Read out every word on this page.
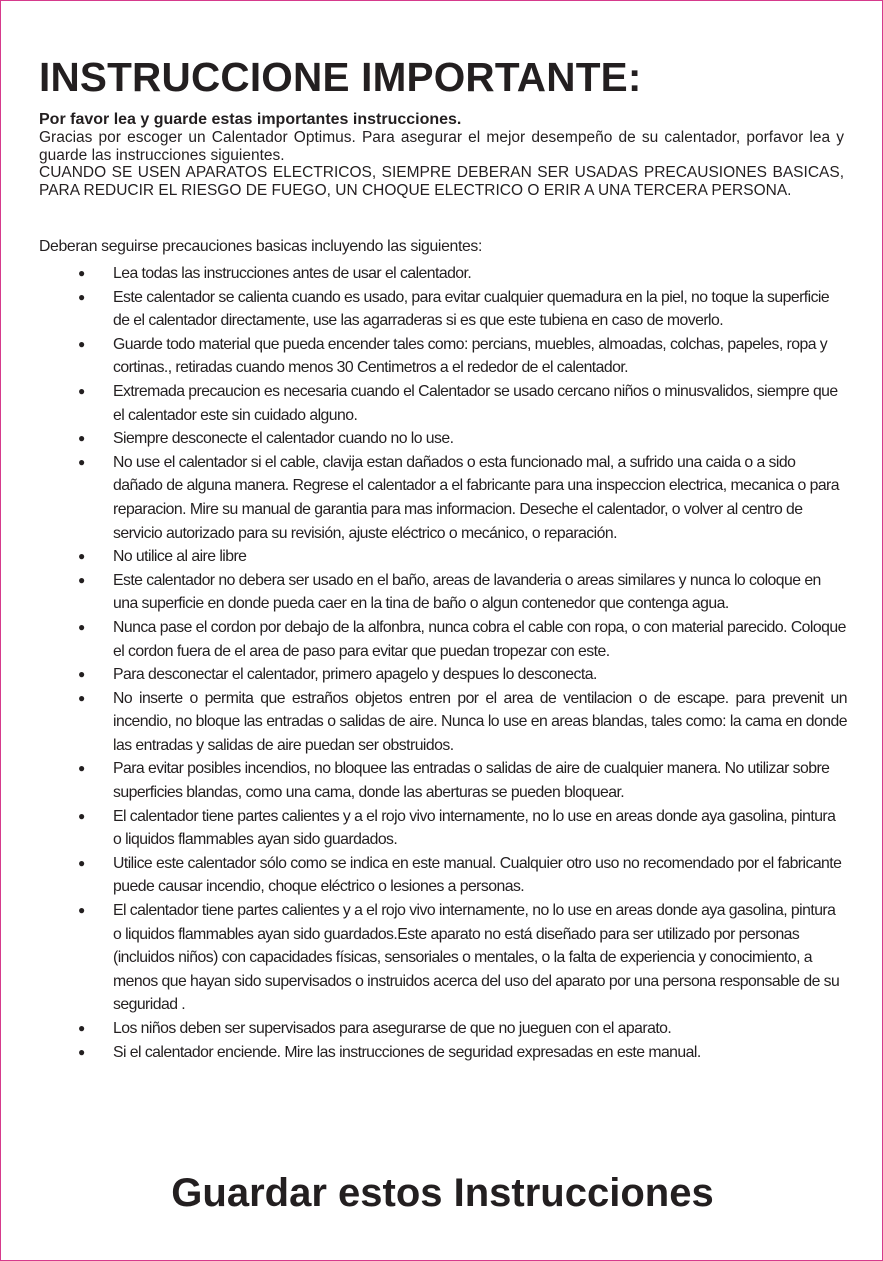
INSTRUCCIONE IMPORTANTE:

Por favor lea y guarde estas importantes instrucciones.

Gracias por escoger un Calentador Optimus. Para asegurar el mejor desempeño de su calentador, porfavor lea y guarde las instrucciones siguientes.

CUANDO SE USEN APARATOS ELECTRICOS, SIEMPRE DEBERAN SER USADAS PRECAUSIONES BASICAS, PARA REDUCIR EL RIESGO DE FUEGO, UN CHOQUE ELECTRICO O ERIR A UNA TERCERA PERSONA.

Deberan seguirse precauciones basicas incluyendo las siguientes:

● Lea todas las instrucciones antes de usar el calentador.
● Este calentador se calienta cuando es usado, para evitar cualquier quemadura en la piel, no toque la superficie de el calentador directamente, use las agarraderas si es que este tubiena en caso de moverlo.
● Guarde todo material que pueda encender tales como: percians, muebles, almoadas, colchas, papeles, ropa y cortinas., retiradas cuando menos 30 Centimetros a el rededor de el calentador.
● Extremada precaucion es necesaria cuando el Calentador se usado cercano niños o minusvalidos, siempre que el calentador este sin cuidado alguno.
● Siempre desconecte el calentador cuando no lo use.
● No use el calentador si el cable, clavija estan dañados o esta funcionado mal, a sufrido una caida o a sido dañado de alguna manera. Regrese el calentador a el fabricante para una inspeccion electrica, mecanica o para reparacion. Mire su manual de garantia para mas informacion. Deseche el calentador, o volver al centro de servicio autorizado para su revisión, ajuste eléctrico o mecánico, o reparación.
● No utilice al aire libre
● Este calentador no debera ser usado en el baño, areas de lavanderia o areas similares y nunca lo coloque en una superficie en donde pueda caer en la tina de baño o algun contenedor que contenga agua.
● Nunca pase el cordon por debajo de la alfonbra, nunca cobra el cable con ropa, o con material parecido. Coloque el cordon fuera de el area de paso para evitar que puedan tropezar con este.
● Para desconectar el calentador, primero apagelo y despues lo desconecta.
● No inserte o permita que estraños objetos entren por el area de ventilacion o de escape. para prevenit un incendio, no bloque las entradas o salidas de aire. Nunca lo use en areas blandas, tales como: la cama en donde las entradas y salidas de aire puedan ser obstruidos.
● Para evitar posibles incendios, no bloquee las entradas o salidas de aire de cualquier manera. No utilizar sobre superficies blandas, como una cama, donde las aberturas se pueden bloquear.
● El calentador tiene partes calientes y a el rojo vivo internamente, no lo use en areas donde aya gasolina, pintura o liquidos flammables ayan sido guardados.
● Utilice este calentador sólo como se indica en este manual. Cualquier otro uso no recomendado por el fabricante puede causar incendio, choque eléctrico o lesiones a personas.
● El calentador tiene partes calientes y a el rojo vivo internamente, no lo use en areas donde aya gasolina, pintura o liquidos flammables ayan sido guardados.Este aparato no está diseñado para ser utilizado por personas (incluidos niños) con capacidades físicas, sensoriales o mentales, o la falta de experiencia y conocimiento, a menos que hayan sido supervisados o instruidos acerca del uso del aparato por una persona responsable de su seguridad .
● Los niños deben ser supervisados para asegurarse de que no jueguen con el aparato.
● Si el calentador enciende. Mire las instrucciones de seguridad expresadas en este manual.

Guardar estos Instrucciones
